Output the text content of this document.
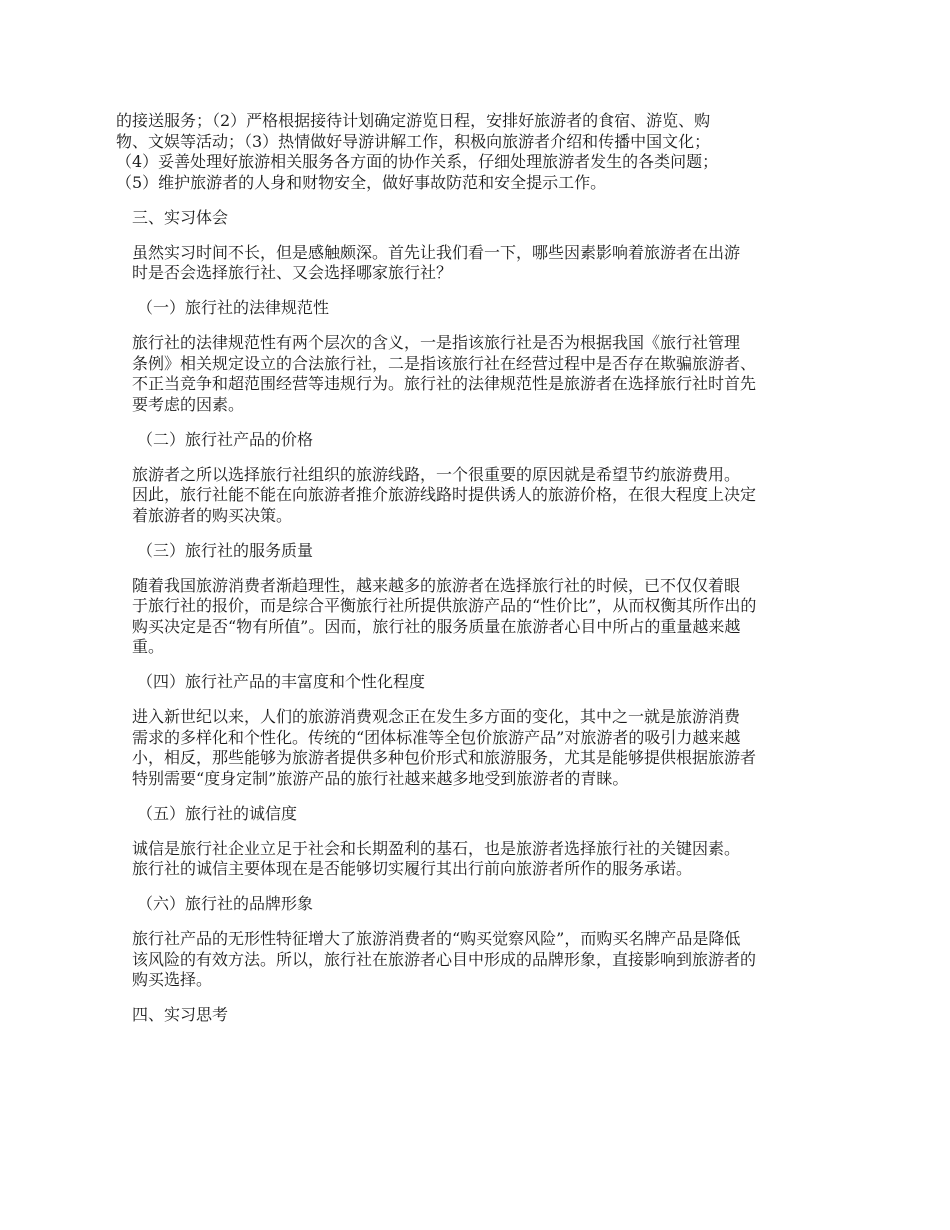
的接送服务；（2）严格根据接待计划确定游览日程，安排好旅游者的食宿、游览、购
物、文娱等活动；（3）热情做好导游讲解工作，积极向旅游者介绍和传播中国文化；
（4）妥善处理好旅游相关服务各方面的协作关系，仔细处理旅游者发生的各类问题；
（5）维护旅游者的人身和财物安全，做好事故防范和安全提示工作。

三、实习体会

虽然实习时间不长，但是感触颇深。首先让我们看一下，哪些因素影响着旅游者在出游
时是否会选择旅行社、又会选择哪家旅行社？

（一）旅行社的法律规范性

旅行社的法律规范性有两个层次的含义，一是指该旅行社是否为根据我国《旅行社管理
条例》相关规定设立的合法旅行社，二是指该旅行社在经营过程中是否存在欺骗旅游者、
不正当竞争和超范围经营等违规行为。旅行社的法律规范性是旅游者在选择旅行社时首先
要考虑的因素。

（二）旅行社产品的价格

旅游者之所以选择旅行社组织的旅游线路，一个很重要的原因就是希望节约旅游费用。
因此，旅行社能不能在向旅游者推介旅游线路时提供诱人的旅游价格，在很大程度上决定
着旅游者的购买决策。

（三）旅行社的服务质量

随着我国旅游消费者渐趋理性，越来越多的旅游者在选择旅行社的时候，已不仅仅着眼
于旅行社的报价，而是综合平衡旅行社所提供旅游产品的“性价比”，从而权衡其所作出的
购买决定是否“物有所值”。因而，旅行社的服务质量在旅游者心目中所占的重量越来越
重。

（四）旅行社产品的丰富度和个性化程度

进入新世纪以来，人们的旅游消费观念正在发生多方面的变化，其中之一就是旅游消费
需求的多样化和个性化。传统的“团体标准等全包价旅游产品”对旅游者的吸引力越来越
小，相反，那些能够为旅游者提供多种包价形式和旅游服务，尤其是能够提供根据旅游者
特别需要“度身定制”旅游产品的旅行社越来越多地受到旅游者的青睐。

（五）旅行社的诚信度

诚信是旅行社企业立足于社会和长期盈利的基石，也是旅游者选择旅行社的关键因素。
旅行社的诚信主要体现在是否能够切实履行其出行前向旅游者所作的服务承诺。

（六）旅行社的品牌形象

旅行社产品的无形性特征增大了旅游消费者的“购买觉察风险”，而购买名牌产品是降低
该风险的有效方法。所以，旅行社在旅游者心目中形成的品牌形象，直接影响到旅游者的
购买选择。

四、实习思考
